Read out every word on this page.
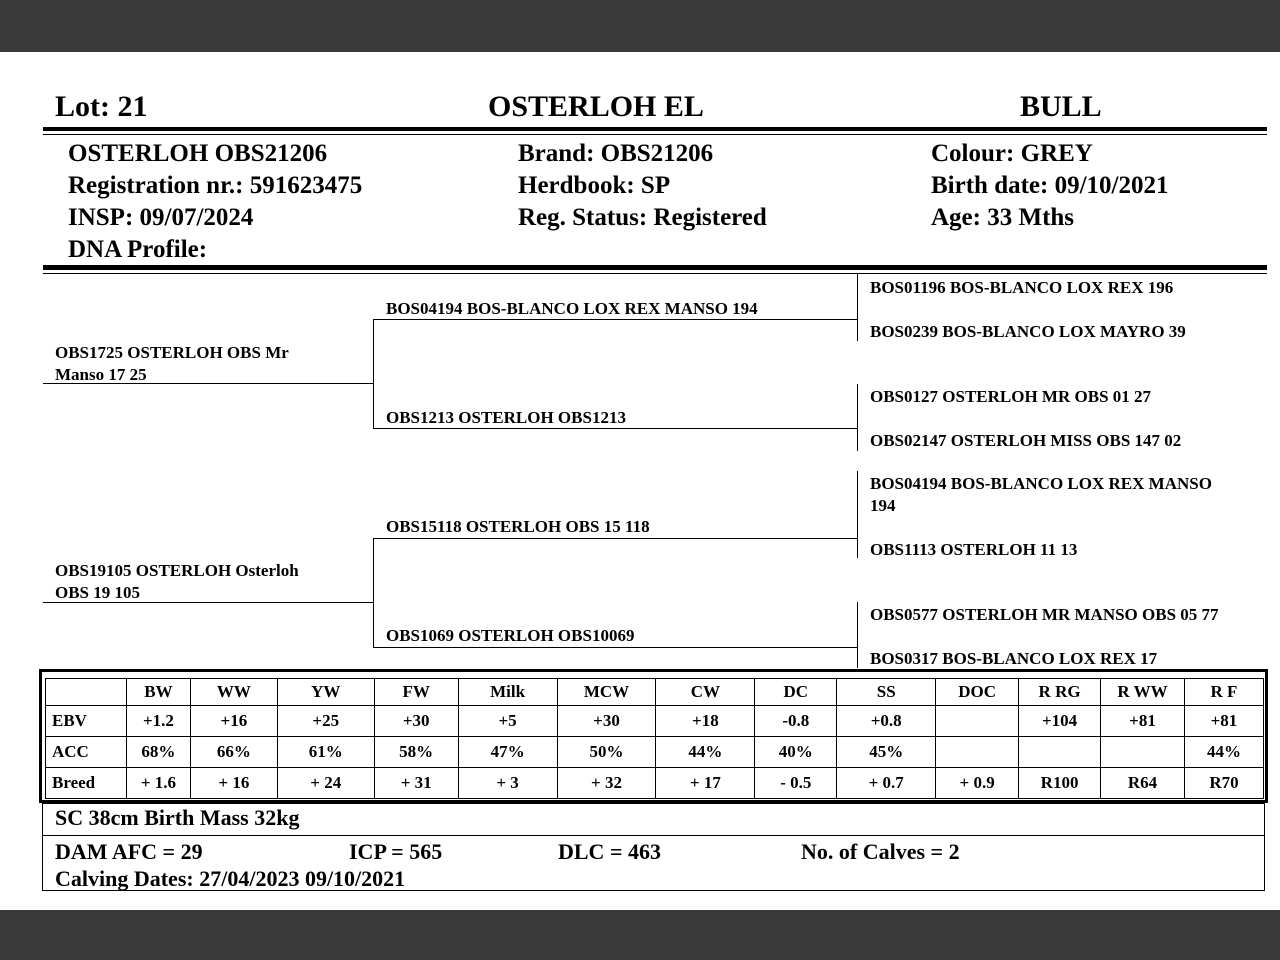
Lot: 21	OSTERLOH EL	BULL
OSTERLOH OBS21206
Registration nr.: 591623475
INSP: 09/07/2024
DNA Profile:
Brand: OBS21206
Herdbook: SP
Reg. Status: Registered
Colour: GREY
Birth date: 09/10/2021
Age: 33 Mths
OBS1725 OSTERLOH OBS Mr
Manso 17 25
OBS19105 OSTERLOH Osterloh
OBS 19 105
BOS04194 BOS-BLANCO LOX REX MANSO 194
OBS1213 OSTERLOH OBS1213
OBS15118 OSTERLOH OBS 15 118
OBS1069 OSTERLOH OBS10069
BOS01196 BOS-BLANCO LOX REX 196
BOS0239 BOS-BLANCO LOX MAYRO 39
OBS0127 OSTERLOH MR OBS 01 27
OBS02147 OSTERLOH MISS OBS 147 02
BOS04194 BOS-BLANCO LOX REX MANSO
194
OBS1113 OSTERLOH 11 13
OBS0577 OSTERLOH MR MANSO OBS 05 77
BOS0317 BOS-BLANCO LOX REX 17
	BW	WW	YW	FW	Milk	MCW	CW	DC	SS	DOC	R RG	R WW	R F
EBV	+1.2	+16	+25	+30	+5	+30	+18	-0.8	+0.8		+104	+81	+81
ACC	68%	66%	61%	58%	47%	50%	44%	40%	45%				44%
Breed	+ 1.6	+ 16	+ 24	+ 31	+ 3	+ 32	+ 17	- 0.5	+ 0.7	+ 0.9	R100	R64	R70
SC 38cm Birth Mass 32kg
DAM AFC = 29	ICP = 565	DLC = 463	No. of Calves = 2
Calving Dates: 27/04/2023 09/10/2021
